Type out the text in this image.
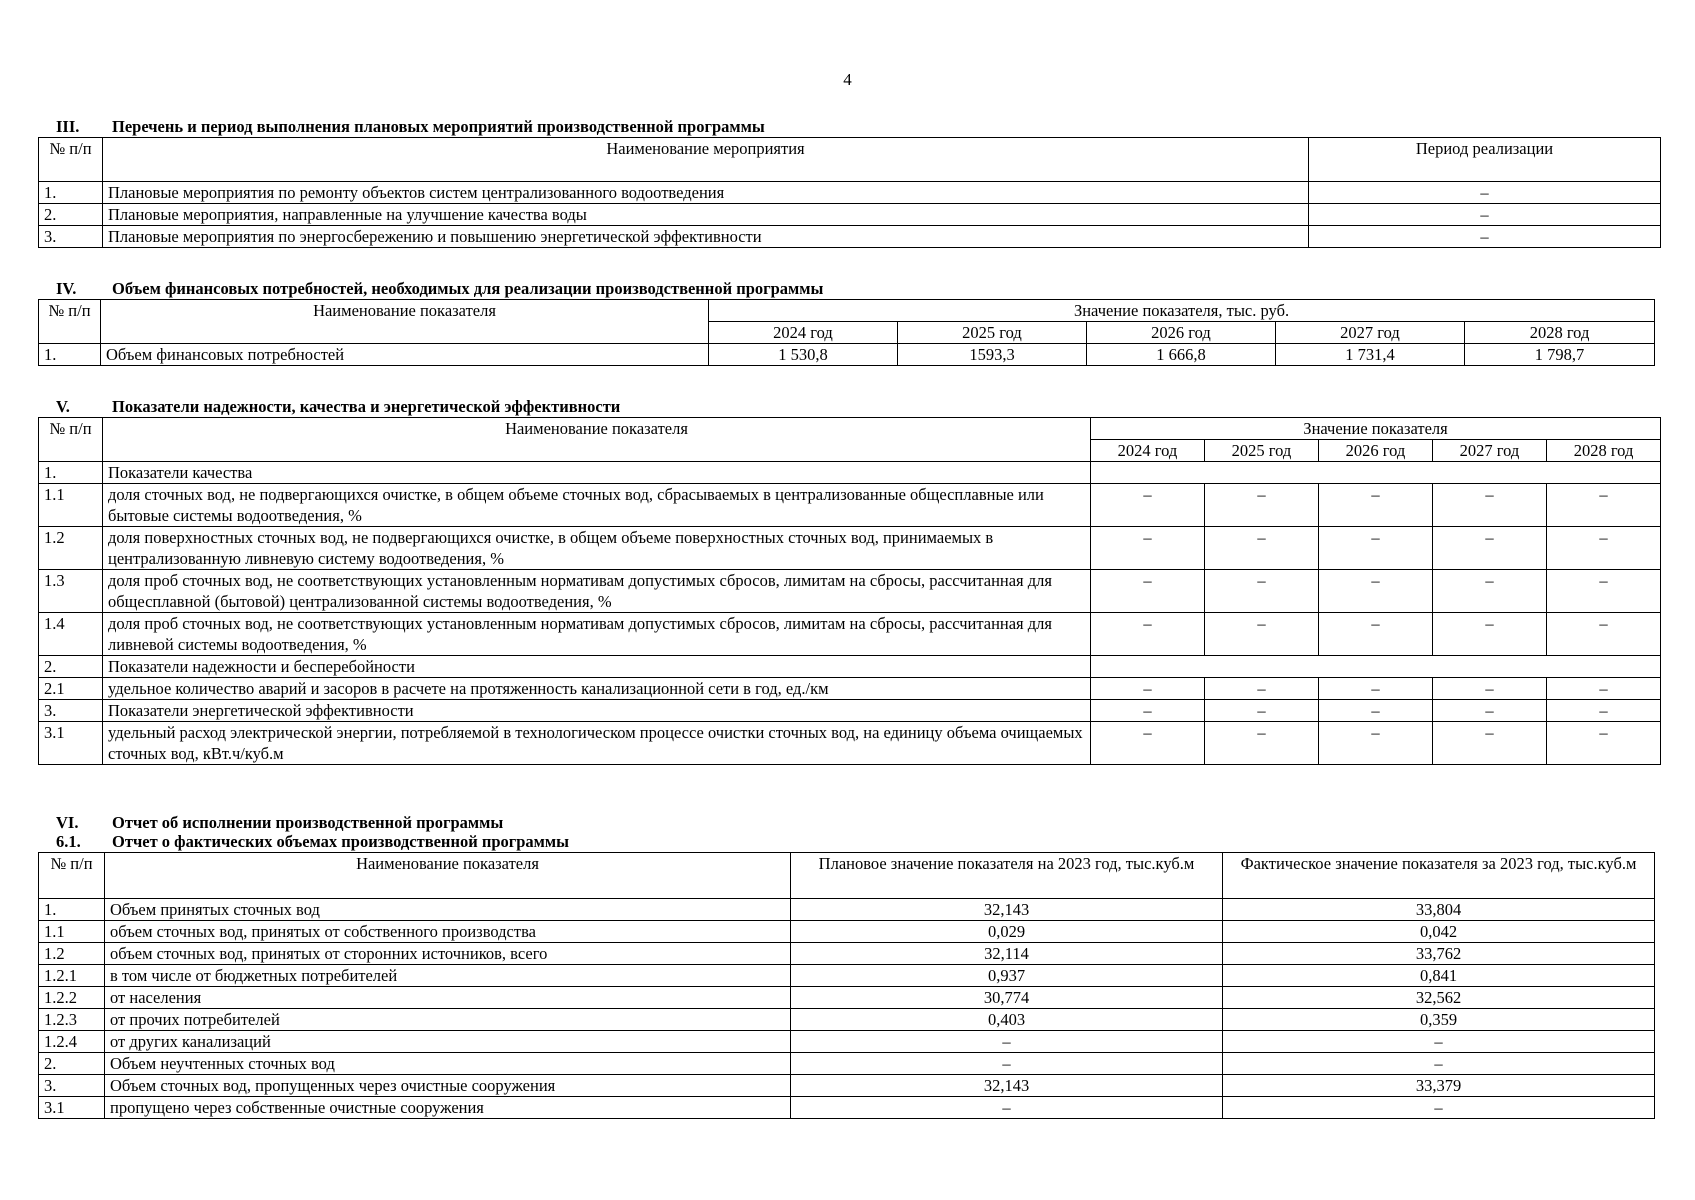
4
III.	Перечень и период выполнения плановых мероприятий производственной программы
№ п/п	Наименование мероприятия	Период реализации
1.	Плановые мероприятия по ремонту объектов систем централизованного водоотведения	–
2.	Плановые мероприятия, направленные на улучшение качества воды	–
3.	Плановые мероприятия по энергосбережению и повышению энергетической эффективности	–
IV.	Объем финансовых потребностей, необходимых для реализации производственной программы
№ п/п	Наименование показателя	Значение показателя, тыс. руб.				
		2024 год	2025 год	2026 год	2027 год	2028 год
1.	Объем финансовых потребностей	1 530,8	1593,3	1 666,8	1 731,4	1 798,7
V.	Показатели надежности, качества и энергетической эффективности
№ п/п	Наименование показателя	Значение показателя				
		2024 год	2025 год	2026 год	2027 год	2028 год
1.	Показатели качества					
1.1	доля сточных вод, не подвергающихся очистке, в общем объеме сточных вод, сбрасываемых в централизованные общесплавные или бытовые системы водоотведения, %	–	–	–	–	–
1.2	доля поверхностных сточных вод, не подвергающихся очистке, в общем объеме поверхностных сточных вод, принимаемых в централизованную ливневую систему водоотведения, %	–	–	–	–	–
1.3	доля проб сточных вод, не соответствующих установленным нормативам допустимых сбросов, лимитам на сбросы, рассчитанная для общесплавной (бытовой) централизованной системы водоотведения, %	–	–	–	–	–
1.4	доля проб сточных вод, не соответствующих установленным нормативам допустимых сбросов, лимитам на сбросы, рассчитанная для ливневой системы водоотведения, %	–	–	–	–	–
2.	Показатели надежности и бесперебойности					
2.1	удельное количество аварий и засоров в расчете на протяженность канализационной сети в год, ед./км	–	–	–	–	–
3.	Показатели энергетической эффективности	–	–	–	–	–
3.1	удельный расход электрической энергии, потребляемой в технологическом процессе очистки сточных вод, на единицу объема очищаемых сточных вод, кВт.ч/куб.м	–	–	–	–	–
VI.	Отчет об исполнении производственной программы
6.1.	Отчет о фактических объемах производственной программы
№ п/п	Наименование показателя	Плановое значение показателя на 2023 год, тыс.куб.м	Фактическое значение показателя за 2023 год, тыс.куб.м
1.	Объем принятых сточных вод	32,143	33,804
1.1	объем сточных вод, принятых от собственного производства	0,029	0,042
1.2	объем сточных вод, принятых от сторонних источников, всего	32,114	33,762
1.2.1	в том числе от бюджетных потребителей	0,937	0,841
1.2.2	от населения	30,774	32,562
1.2.3	от прочих потребителей	0,403	0,359
1.2.4	от других канализаций	–	–
2.	Объем неучтенных сточных вод	–	–
3.	Объем сточных вод, пропущенных через очистные сооружения	32,143	33,379
3.1	пропущено через собственные очистные сооружения	–	–
